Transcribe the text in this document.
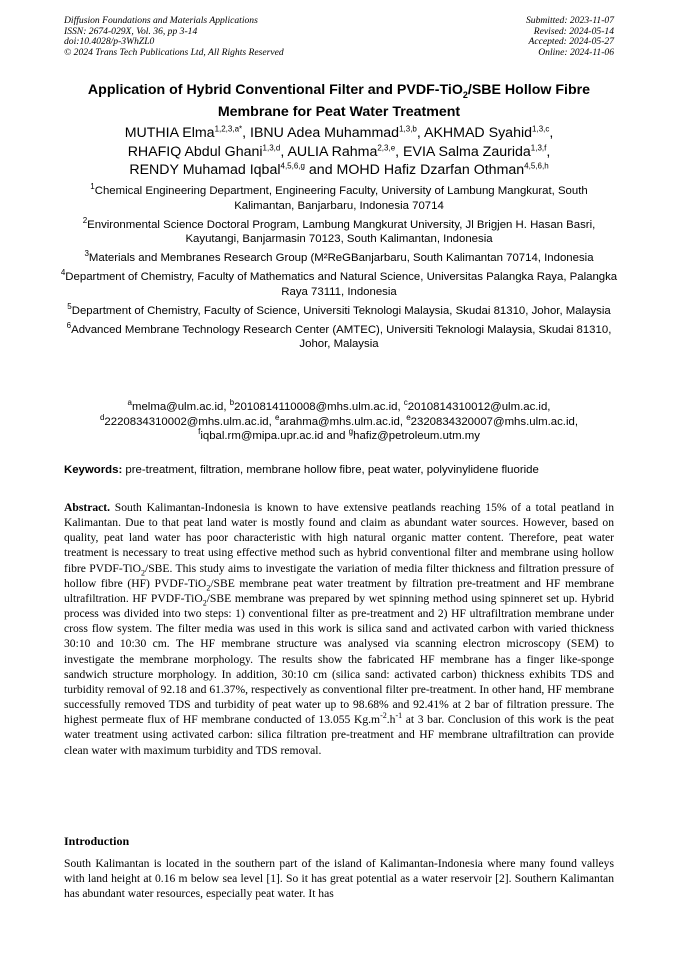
Diffusion Foundations and Materials Applications
ISSN: 2674-029X, Vol. 36, pp 3-14
doi:10.4028/p-3WhZL0
© 2024 Trans Tech Publications Ltd, All Rights Reserved
Submitted: 2023-11-07
Revised: 2024-05-14
Accepted: 2024-05-27
Online: 2024-11-06
Application of Hybrid Conventional Filter and PVDF-TiO$_2$/SBE Hollow Fibre Membrane for Peat Water Treatment
MUTHIA Elma$^{1,2,3,a*}$, IBNU Adea Muhammad$^{1,3,b}$, AKHMAD Syahid$^{1,3,c}$,
RHAFIQ Abdul Ghani$^{1,3,d}$, AULIA Rahma$^{2,3,e}$, EVIA Salma Zaurida$^{1,3,f}$,
RENDY Muhamad Iqbal$^{4,5,6,g}$ and MOHD Hafiz Dzarfan Othman$^{4,5,6,h}$

$^1$Chemical Engineering Department, Engineering Faculty, University of Lambung Mangkurat, South Kalimantan, Banjarbaru, Indonesia 70714

$^2$Environmental Science Doctoral Program, Lambung Mangkurat University, Jl Brigjen H. Hasan Basri, Kayutangi, Banjarmasin 70123, South Kalimantan, Indonesia

$^3$Materials and Membranes Research Group (M²ReGBanjarbaru, South Kalimantan 70714, Indonesia

$^4$Department of Chemistry, Faculty of Mathematics and Natural Science, Universitas Palangka Raya, Palangka Raya 73111, Indonesia

$^5$Department of Chemistry, Faculty of Science, Universiti Teknologi Malaysia, Skudai 81310, Johor, Malaysia

$^6$Advanced Membrane Technology Research Center (AMTEC), Universiti Teknologi Malaysia, Skudai 81310, Johor, Malaysia

$^a$melma@ulm.ac.id, $^b$2010814110008@mhs.ulm.ac.id, $^c$2010814310012@ulm.ac.id,
$^d$2220834310002@mhs.ulm.ac.id, $^e$arahma@mhs.ulm.ac.id, $^e$2320834320007@mhs.ulm.ac.id,
$^f$iqbal.rm@mipa.upr.ac.id and $^g$hafiz@petroleum.utm.my
Keywords: pre-treatment, filtration, membrane hollow fibre, peat water, polyvinylidene fluoride

Abstract. South Kalimantan-Indonesia is known to have extensive peatlands reaching 15% of a total peatland in Kalimantan. Due to that peat land water is mostly found and claim as abundant water sources. However, based on quality, peat land water has poor characteristic with high natural organic matter content. Therefore, peat water treatment is necessary to treat using effective method such as hybrid conventional filter and membrane using hollow fibre PVDF-TiO$_2$/SBE. This study aims to investigate the variation of media filter thickness and filtration pressure of hollow fibre (HF) PVDF-TiO$_2$/SBE membrane peat water treatment by filtration pre-treatment and HF membrane ultrafiltration. HF PVDF-TiO$_2$/SBE membrane was prepared by wet spinning method using spinneret set up. Hybrid process was divided into two steps: 1) conventional filter as pre-treatment and 2) HF ultrafiltration membrane under cross flow system. The filter media was used in this work is silica sand and activated carbon with varied thickness 30:10 and 10:30 cm. The HF membrane structure was analysed via scanning electron microscopy (SEM) to investigate the membrane morphology. The results show the fabricated HF membrane has a finger like-sponge sandwich structure morphology. In addition, 30:10 cm (silica sand: activated carbon) thickness exhibits TDS and turbidity removal of 92.18 and 61.37%, respectively as conventional filter pre-treatment. In other hand, HF membrane successfully removed TDS and turbidity of peat water up to 98.68% and 92.41% at 2 bar of filtration pressure. The highest permeate flux of HF membrane conducted of 13.055 $Kg.m^{-2}.h^{-1}$ at 3 bar. Conclusion of this work is the peat water treatment using activated carbon: silica filtration pre-treatment and HF membrane ultrafiltration can provide clean water with maximum turbidity and TDS removal.

Introduction

South Kalimantan is located in the southern part of the island of Kalimantan-Indonesia where many found valleys with land height at 0.16 m below sea level [1]. So it has great potential as a water reservoir [2]. Southern Kalimantan has abundant water resources, especially peat water. It has
